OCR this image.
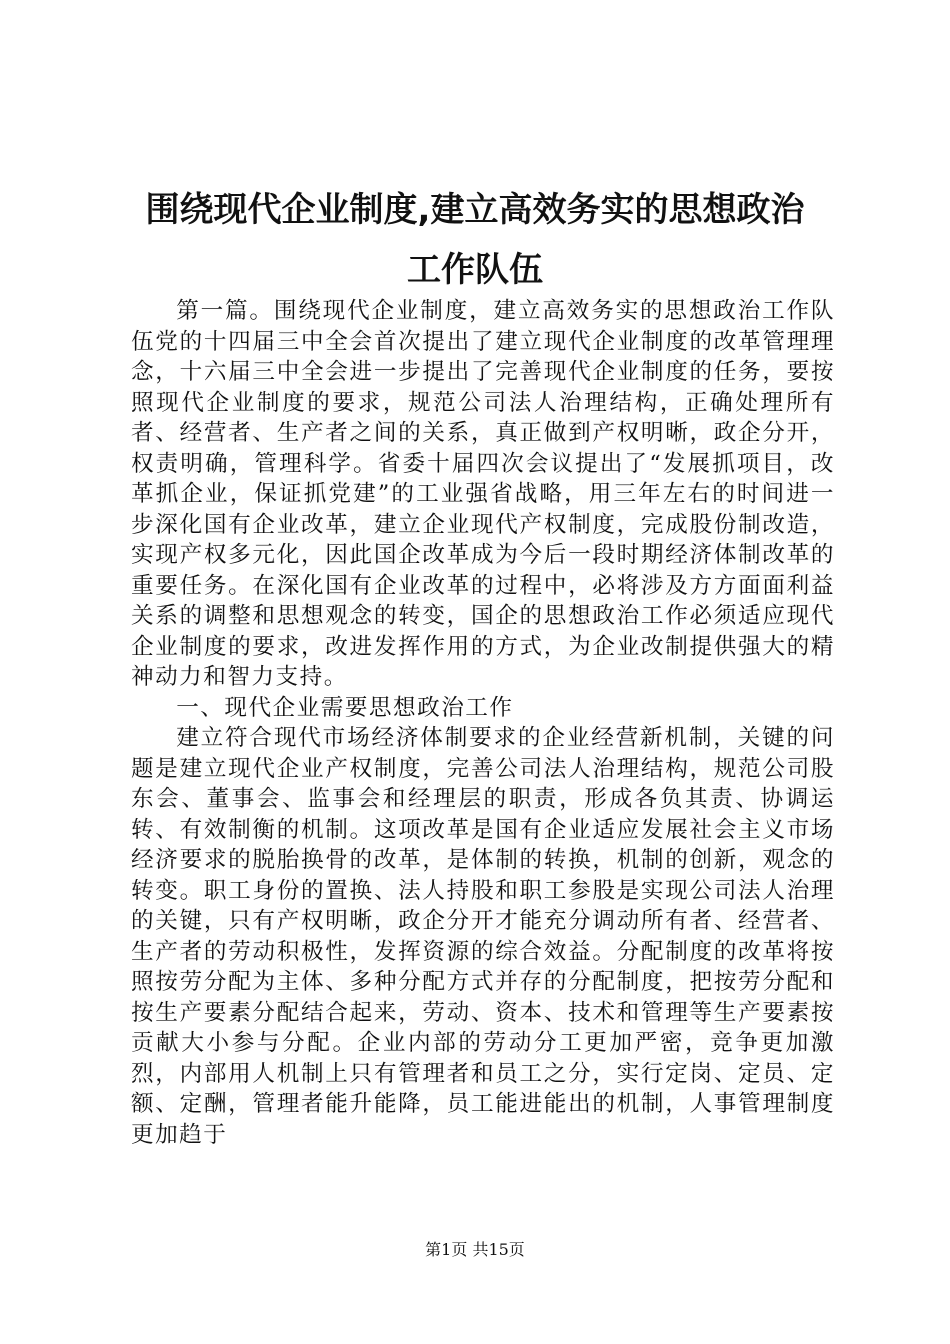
围绕现代企业制度,建立高效务实的思想政治
工作队伍

第一篇。围绕现代企业制度，建立高效务实的思想政治工作队伍党的十四届三中全会首次提出了建立现代企业制度的改革管理理念，十六届三中全会进一步提出了完善现代企业制度的任务，要按照现代企业制度的要求，规范公司法人治理结构，正确处理所有者、经营者、生产者之间的关系，真正做到产权明晰，政企分开，权责明确，管理科学。省委十届四次会议提出了“发展抓项目，改革抓企业，保证抓党建”的工业强省战略，用三年左右的时间进一步深化国有企业改革，建立企业现代产权制度，完成股份制改造，实现产权多元化，因此国企改革成为今后一段时期经济体制改革的重要任务。在深化国有企业改革的过程中，必将涉及方方面面利益关系的调整和思想观念的转变，国企的思想政治工作必须适应现代企业制度的要求，改进发挥作用的方式，为企业改制提供强大的精神动力和智力支持。

一、现代企业需要思想政治工作

建立符合现代市场经济体制要求的企业经营新机制，关键的问题是建立现代企业产权制度，完善公司法人治理结构，规范公司股东会、董事会、监事会和经理层的职责，形成各负其责、协调运转、有效制衡的机制。这项改革是国有企业适应发展社会主义市场经济要求的脱胎换骨的改革，是体制的转换，机制的创新，观念的转变。职工身份的置换、法人持股和职工参股是实现公司法人治理的关键，只有产权明晰，政企分开才能充分调动所有者、经营者、生产者的劳动积极性，发挥资源的综合效益。分配制度的改革将按照按劳分配为主体、多种分配方式并存的分配制度，把按劳分配和按生产要素分配结合起来，劳动、资本、技术和管理等生产要素按贡献大小参与分配。企业内部的劳动分工更加严密，竞争更加激烈，内部用人机制上只有管理者和员工之分，实行定岗、定员、定额、定酬，管理者能升能降，员工能进能出的机制，人事管理制度更加趋于

第1页 共15页
